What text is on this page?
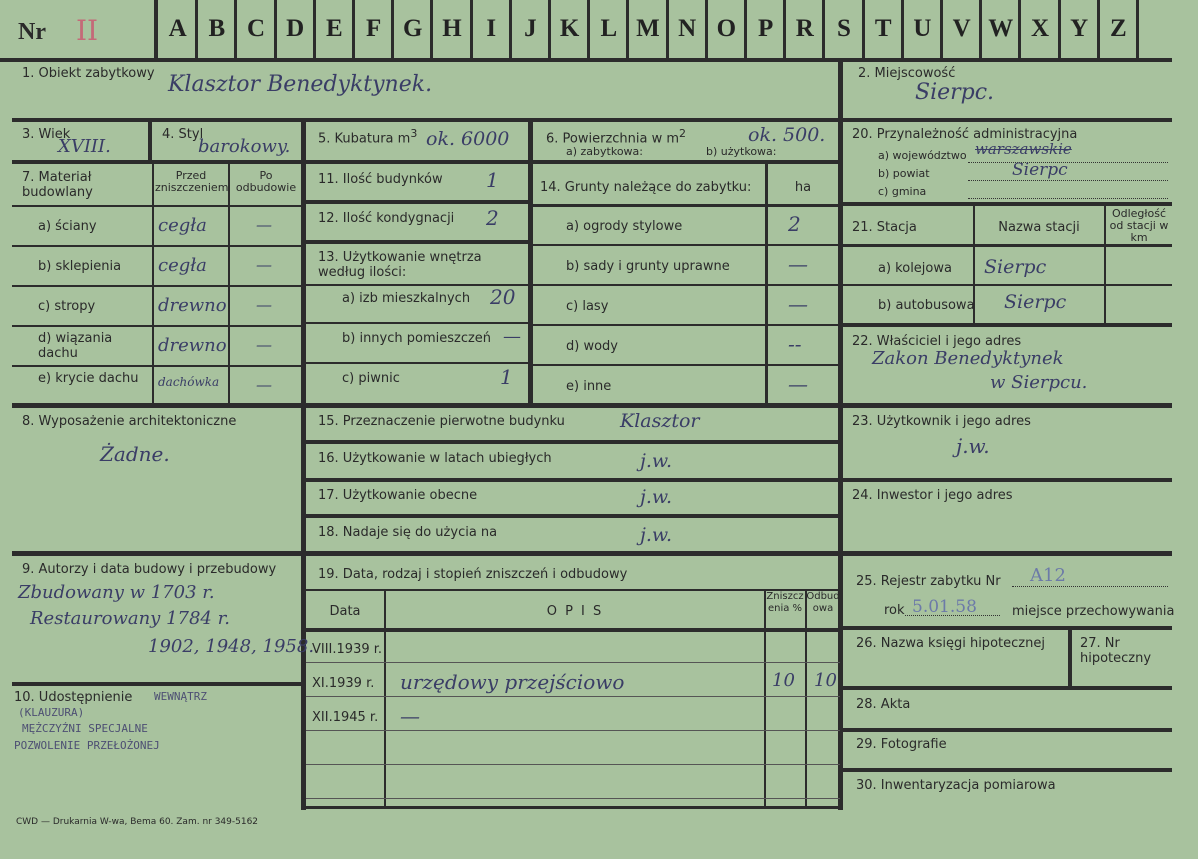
Nr II	A B C D E F G H I	J K L M N O P R S T U V W X Y Z
1. Obiekt zabytkowy Klasztor Benedyktynek.	2. Miejscowość
Sierpc.
3. Wiek
XVIII.
4. Styl
barokowy. 5. Kubatura $m^3$ ok. 6000	6. Powierzchnia w $m^2$	ok. 500.
a) zabytkowa:	b) użytkowa:
20. Przynależność administracyjna
a) województwo warszawskie
b) powiat	Sierpc
c) gmina
7. Materiał budowlany
Przed zniszczeniem
Po odbudowie
a) ściany	cegła	—
b) sklepienia	cegła	—
c) stropy	drewno —
d) wiązania dachu	drewno —
e) krycie dachu	dachówka —
11. Ilość budynków 1
12. Ilość kondygnacji 2
13. Użytkowanie wnętrza według ilości:
a) izb mieszkalnych 20
b) innych pomieszczeń —
c) piwnic	1
14. Grunty należące do zabytku:	ha
a) ogrody stylowe	2
b) sady i grunty uprawne	—
c) lasy	—
d) wody	--
e) inne	—
21. Stacja	Nazwa stacji
Odległość od stacji w km
a) kolejowa Sierpc
b) autobusowa Sierpc
22. Właściciel i jego adres
Zakon Benedyktynek
w Sierpcu.
8. Wyposażenie architektoniczne
Żadne.
15. Przeznaczenie pierwotne budynku	Klasztor
16. Użytkowanie w latach ubiegłych	j.w.
17. Użytkowanie obecne	j.w.
18. Nadaje się do użycia na	j.w.
23. Użytkownik i jego adres
j.w.
24. Inwestor i jego adres
9. Autorzy i data budowy i przebudowy
Zbudowany w 1703 r.
Restaurowany 1784 r.
1902, 1948, 1958.
10. Udostępnienie WEWNĄTRZ
(KLAUZURA)
MĘŻCZYŹNI SPECJALNE
POZWOLENIE PRZEŁOŻONEJ
19. Data, rodzaj i stopień zniszczeń i odbudowy
Data	O P I S
Zniszczenia %
Odbudowa
VIII.1939 r.
XI.1939 r. urzędowy przejściowo	10 10
XII.1945 r. —
25. Rejestr zabytku Nr A12
rok 5.01.58	miejsce przechowywania
26. Nazwa księgi hipotecznej	27. Nr hipoteczny
28. Akta
29. Fotografie
30. Inwentaryzacja pomiarowa
CWD — Drukarnia W-wa, Bema 60. Zam. nr 349-5162
